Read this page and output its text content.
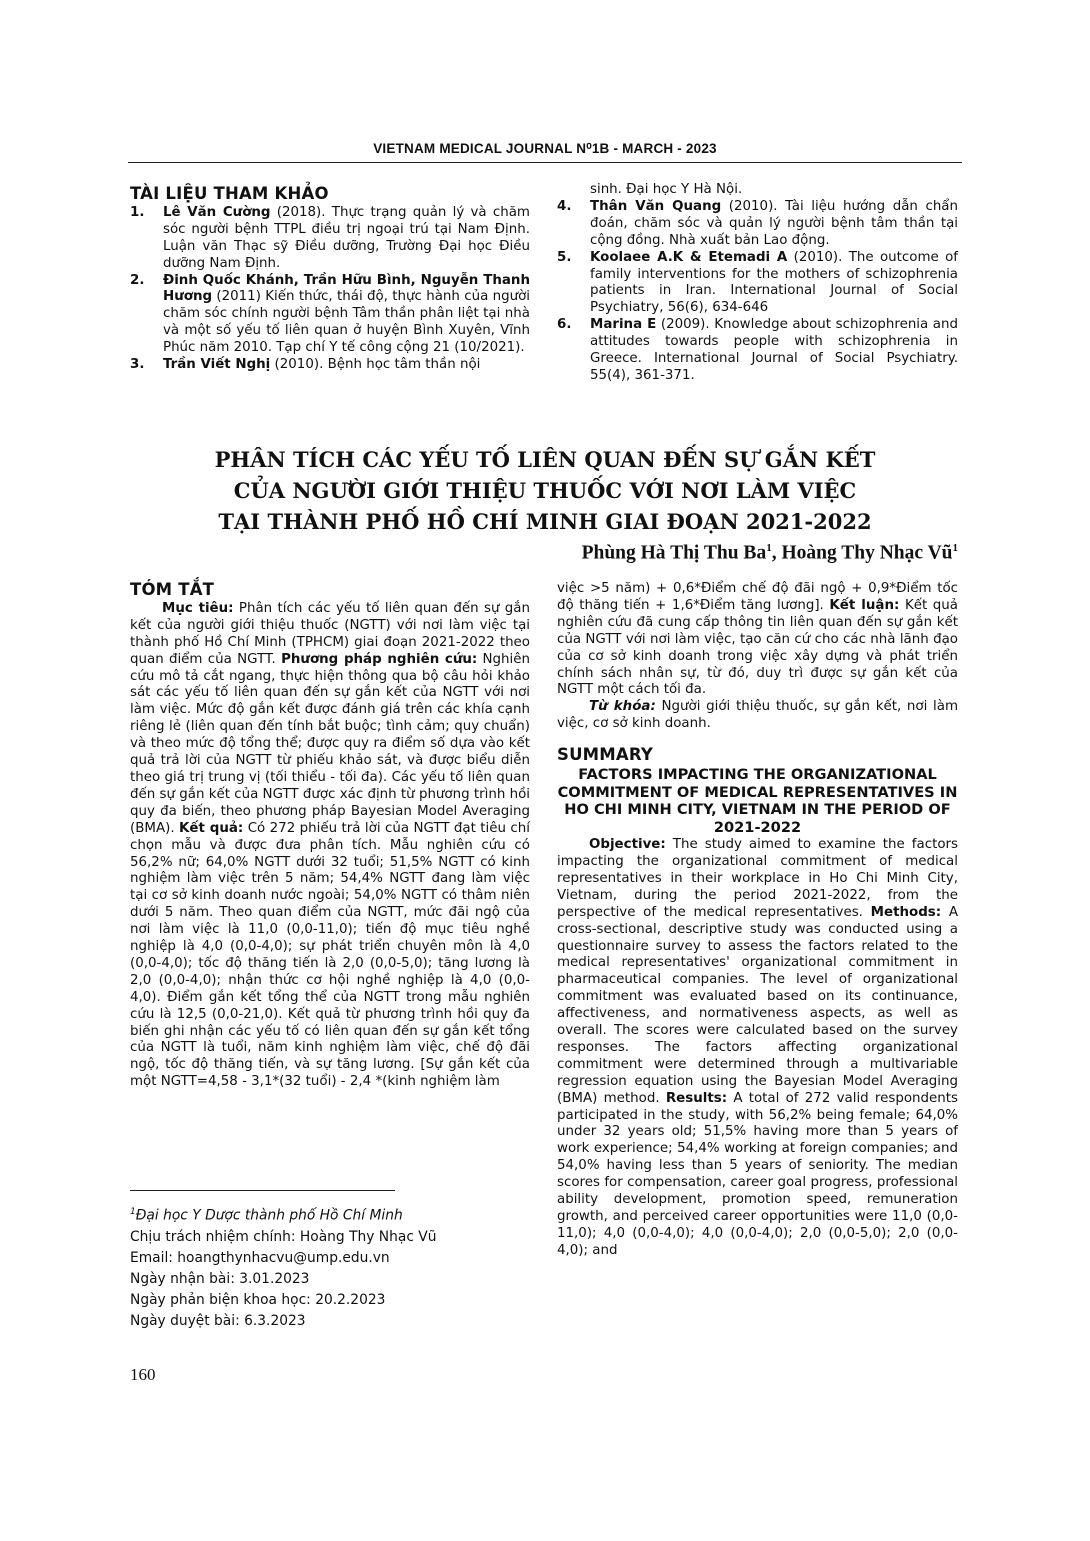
VIETNAM MEDICAL JOURNAL N⁰1B - MARCH - 2023
TÀI LIỆU THAM KHẢO
1.	Lê Văn Cường (2018). Thực trạng quản lý và chăm sóc người bệnh TTPL điều trị ngoại trú tại Nam Định. Luận văn Thạc sỹ Điều dưỡng, Trường Đại học Điều dưỡng Nam Định.
2.	Đinh Quốc Khánh, Trần Hữu Bình, Nguyễn Thanh Hương (2011) Kiến thức, thái độ, thực hành của người chăm sóc chính người bệnh Tâm thần phân liệt tại nhà và một số yếu tố liên quan ở huyện Bình Xuyên, Vĩnh Phúc năm 2010. Tạp chí Y tế công cộng 21 (10/2021).
3.	Trần Viết Nghị (2010). Bệnh học tâm thần nội
sinh. Đại học Y Hà Nội.
4.	Thân Văn Quang (2010). Tài liệu hướng dẫn chẩn đoán, chăm sóc và quản lý người bệnh tâm thần tại cộng đồng. Nhà xuất bản Lao động.
5.	Koolaee A.K & Etemadi A (2010). The outcome of family interventions for the mothers of schizophrenia patients in Iran. International Journal of Social Psychiatry, 56(6), 634-646
6.	Marina E (2009). Knowledge about schizophrenia and attitudes towards people with schizophrenia in Greece. International Journal of Social Psychiatry. 55(4), 361-371.
PHÂN TÍCH CÁC YẾU TỐ LIÊN QUAN ĐẾN SỰ GẮN KẾT
CỦA NGƯỜI GIỚI THIỆU THUỐC VỚI NƠI LÀM VIỆC
TẠI THÀNH PHỐ HỒ CHÍ MINH GIAI ĐOẠN 2021-2022
Phùng Hà Thị Thu Ba$^1$, Hoàng Thy Nhạc $Vũ^1$
TÓM TẮT

Mục tiêu: Phân tích các yếu tố liên quan đến sự gắn kết của người giới thiệu thuốc (NGTT) với nơi làm việc tại thành phố Hồ Chí Minh (TPHCM) giai đoạn 2021-2022 theo quan điểm của NGTT. Phương pháp nghiên cứu: Nghiên cứu mô tả cắt ngang, thực hiện thông qua bộ câu hỏi khảo sát các yếu tố liên quan đến sự gắn kết của NGTT với nơi làm việc. Mức độ gắn kết được đánh giá trên các khía cạnh riêng lẻ (liên quan đến tính bắt buộc; tình cảm; quy chuẩn) và theo mức độ tổng thể; được quy ra điểm số dựa vào kết quả trả lời của NGTT từ phiếu khảo sát, và được biểu diễn theo giá trị trung vị (tối thiểu - tối đa). Các yếu tố liên quan đến sự gắn kết của NGTT được xác định từ phương trình hồi quy đa biến, theo phương pháp Bayesian Model Averaging (BMA). Kết quả: Có 272 phiếu trả lời của NGTT đạt tiêu chí chọn mẫu và được đưa phân tích. Mẫu nghiên cứu có 56,2% nữ; 64,0% NGTT dưới 32 tuổi; 51,5% NGTT có kinh nghiệm làm việc trên 5 năm; 54,4% NGTT đang làm việc tại cơ sở kinh doanh nước ngoài; 54,0% NGTT có thâm niên dưới 5 năm. Theo quan điểm của NGTT, mức đãi ngộ của nơi làm việc là 11,0 (0,0-11,0); tiến độ mục tiêu nghề nghiệp là 4,0 (0,0-4,0); sự phát triển chuyên môn là 4,0 (0,0-4,0); tốc độ thăng tiến là 2,0 (0,0-5,0); tăng lương là 2,0 (0,0-4,0); nhận thức cơ hội nghề nghiệp là 4,0 (0,0-4,0). Điểm gắn kết tổng thể của NGTT trong mẫu nghiên cứu là 12,5 (0,0-21,0). Kết quả từ phương trình hồi quy đa biến ghi nhận các yếu tố có liên quan đến sự gắn kết tổng của NGTT là tuổi, năm kinh nghiệm làm việc, chế độ đãi ngộ, tốc độ thăng tiến, và sự tăng lương. [Sự gắn kết của một NGTT=4,58 - 3,1*(32 tuổi) - 2,4 *(kinh nghiệm làm

việc >5 năm) + 0,6*Điểm chế độ đãi ngộ + 0,9*Điểm tốc độ thăng tiến + 1,6*Điểm tăng lương]. Kết luận: Kết quả nghiên cứu đã cung cấp thông tin liên quan đến sự gắn kết của NGTT với nơi làm việc, tạo căn cứ cho các nhà lãnh đạo của cơ sở kinh doanh trong việc xây dựng và phát triển chính sách nhân sự, từ đó, duy trì được sự gắn kết của NGTT một cách tối đa.

Từ khóa: Người giới thiệu thuốc, sự gắn kết, nơi làm việc, cơ sở kinh doanh.

SUMMARY
FACTORS IMPACTING THE ORGANIZATIONAL COMMITMENT OF MEDICAL REPRESENTATIVES IN HO CHI MINH CITY, VIETNAM IN THE PERIOD OF 2021-2022

Objective: The study aimed to examine the factors impacting the organizational commitment of medical representatives in their workplace in Ho Chi Minh City, Vietnam, during the period 2021-2022, from the perspective of the medical representatives. Methods: A cross-sectional, descriptive study was conducted using a questionnaire survey to assess the factors related to the medical representatives' organizational commitment in pharmaceutical companies. The level of organizational commitment was evaluated based on its continuance, affectiveness, and normativeness aspects, as well as overall. The scores were calculated based on the survey responses. The factors affecting organizational commitment were determined through a multivariable regression equation using the Bayesian Model Averaging (BMA) method. Results: A total of 272 valid respondents participated in the study, with 56,2% being female; 64,0% under 32 years old; 51,5% having more than 5 years of work experience; 54,4% working at foreign companies; and 54,0% having less than 5 years of seniority. The median scores for compensation, career goal progress, professional ability development, promotion speed, remuneration growth, and perceived career opportunities were 11,0 (0,0-11,0); 4,0 (0,0-4,0); 4,0 (0,0-4,0); 2,0 (0,0-5,0); 2,0 (0,0-4,0); and

$^1$Đại học Y Dược thành phố Hồ Chí Minh
Chịu trách nhiệm chính: Hoàng Thy Nhạc Vũ
Email: hoangthynhacvu@ump.edu.vn
Ngày nhận bài: 3.01.2023
Ngày phản biện khoa học: 20.2.2023
Ngày duyệt bài: 6.3.2023
160
